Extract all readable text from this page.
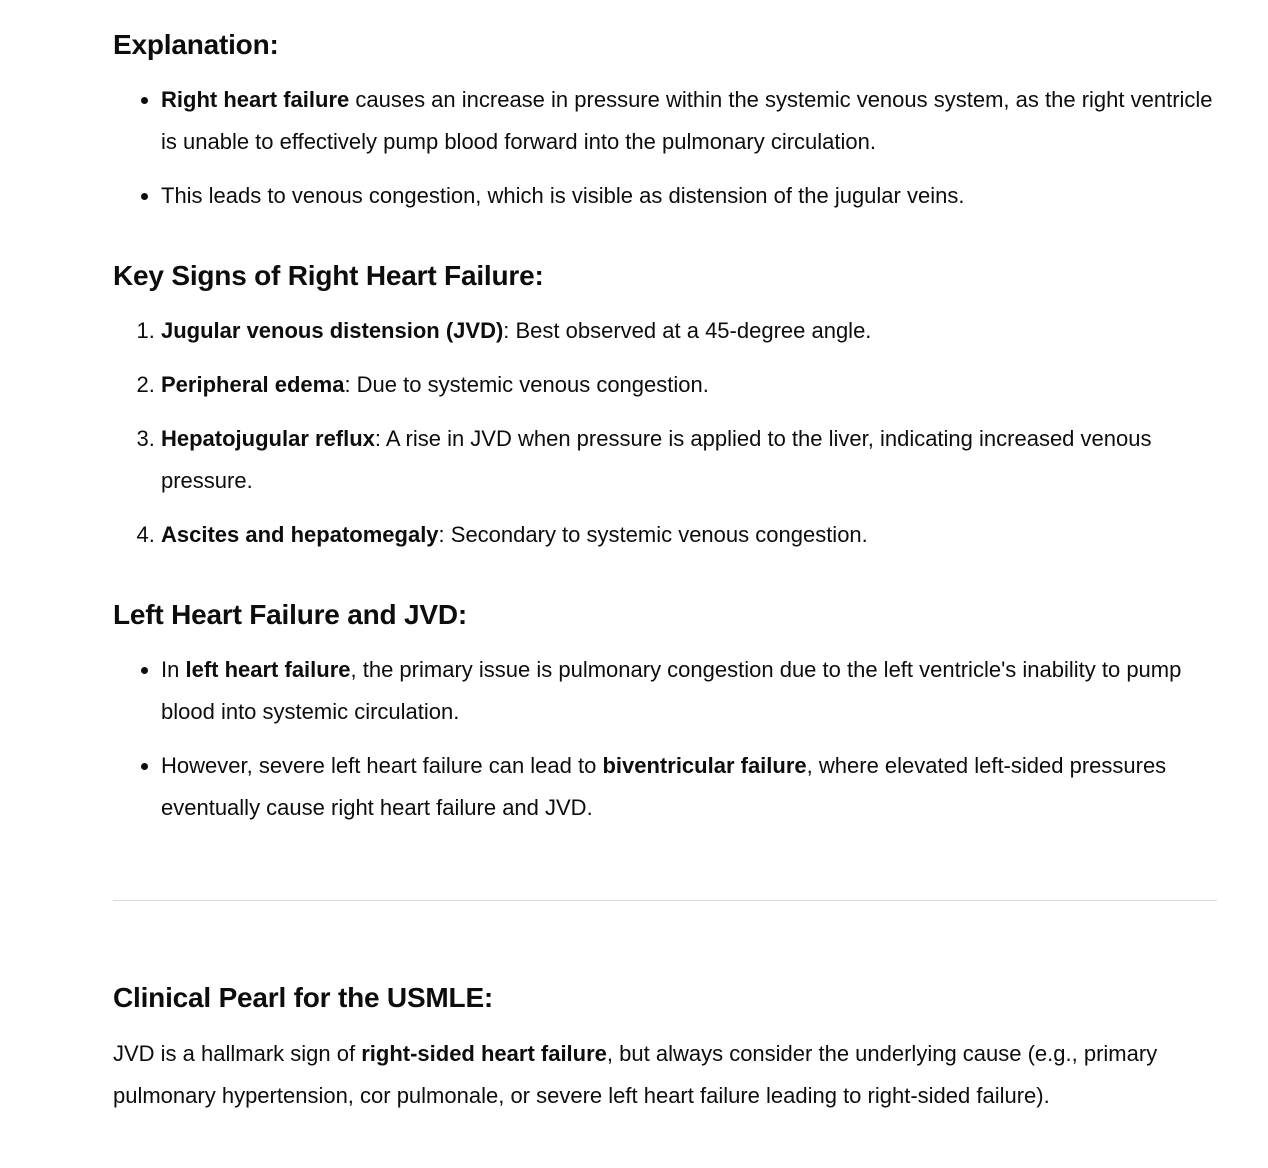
Explanation:
• Right heart failure causes an increase in pressure within the systemic venous system, as the right ventricle is unable to effectively pump blood forward into the pulmonary circulation.
• This leads to venous congestion, which is visible as distension of the jugular veins.
Key Signs of Right Heart Failure:
1. Jugular venous distension (JVD): Best observed at a 45-degree angle.
2. Peripheral edema: Due to systemic venous congestion.
3. Hepatojugular reflux: A rise in JVD when pressure is applied to the liver, indicating increased venous pressure.
4. Ascites and hepatomegaly: Secondary to systemic venous congestion.
Left Heart Failure and JVD:
• In left heart failure, the primary issue is pulmonary congestion due to the left ventricle's inability to pump blood into systemic circulation.
• However, severe left heart failure can lead to biventricular failure, where elevated left-sided pressures eventually cause right heart failure and JVD.
Clinical Pearl for the USMLE:

JVD is a hallmark sign of right-sided heart failure, but always consider the underlying cause (e.g., primary pulmonary hypertension, cor pulmonale, or severe left heart failure leading to right-sided failure).
